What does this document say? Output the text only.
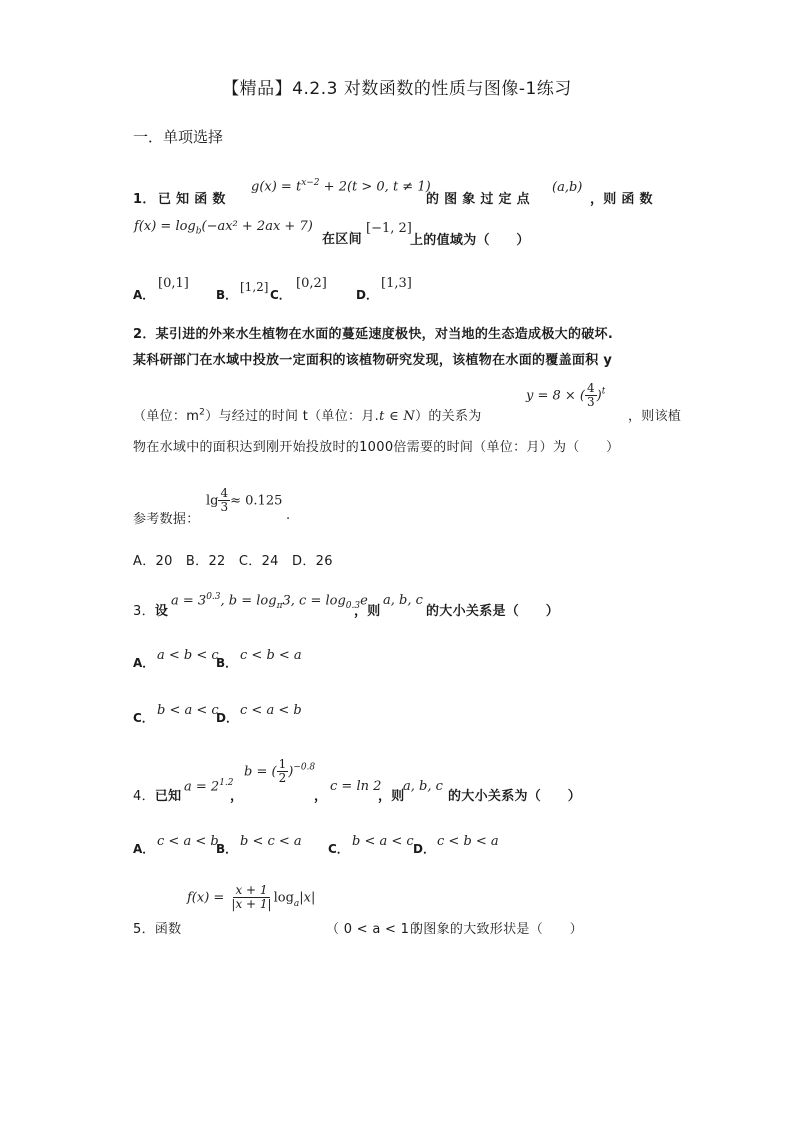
【精品】4.2.3 对数函数的性质与图像-1练习
一．单项选择
1． 已 知 函 数
$g(x) = t^{x-2} + 2(t > 0$, t ≠ 1)
的 图 象 过 定 点
(a,b)
，则 函 数
$f(x) = \log_b(-ax^2 + 2ax + 7)$
在区间
[−1, 2]
上的值域为（　　）
A．
[0,1]
B．
[1,2]
C．
[0,2]
D．
[1,3]
2．某引进的外来水生植物在水面的蔓延速度极快，对当地的生态造成极大的破坏.
某科研部门在水域中投放一定面积的该植物研究发现，该植物在水面的覆盖面积 y
y = 8 × ( $\frac{4}{3} )^t$
（单位：$m^2$）与经过的时间 t（单位：月.t ∈ N）的关系为	，则该植
物在水域中的面积达到刚开始投放时的1000倍需要的时间（单位：月）为（　　）
参考数据：
$\lg \frac{4}{3} \approx 0.125$
.
A．20　B．22　C．24　D．26
3．设
$a = 3^{0.3}$, $b = \log_\pi 3$, $c = \log_{0.3}e$
，则
a, b, c
的大小关系是（　　）
A． a < b < c
B． c < b < a
C． b < a < c
D． c < a < b
4．已知
$a = 2^{1.2}$
，
b = ( $\frac{1}{2} )^{-0.8}$
，
c = ln 2
，则
a, b, c
的大小关系为（　　）
A． c < a < b
B． b < c < a C． b < a < c D． c < b < a
5．函数
$f(x) = \frac{x + 1}{|x + 1|} \log_a|x|$
（ 0 < a < 1 ）
的图象的大致形状是（　　）
